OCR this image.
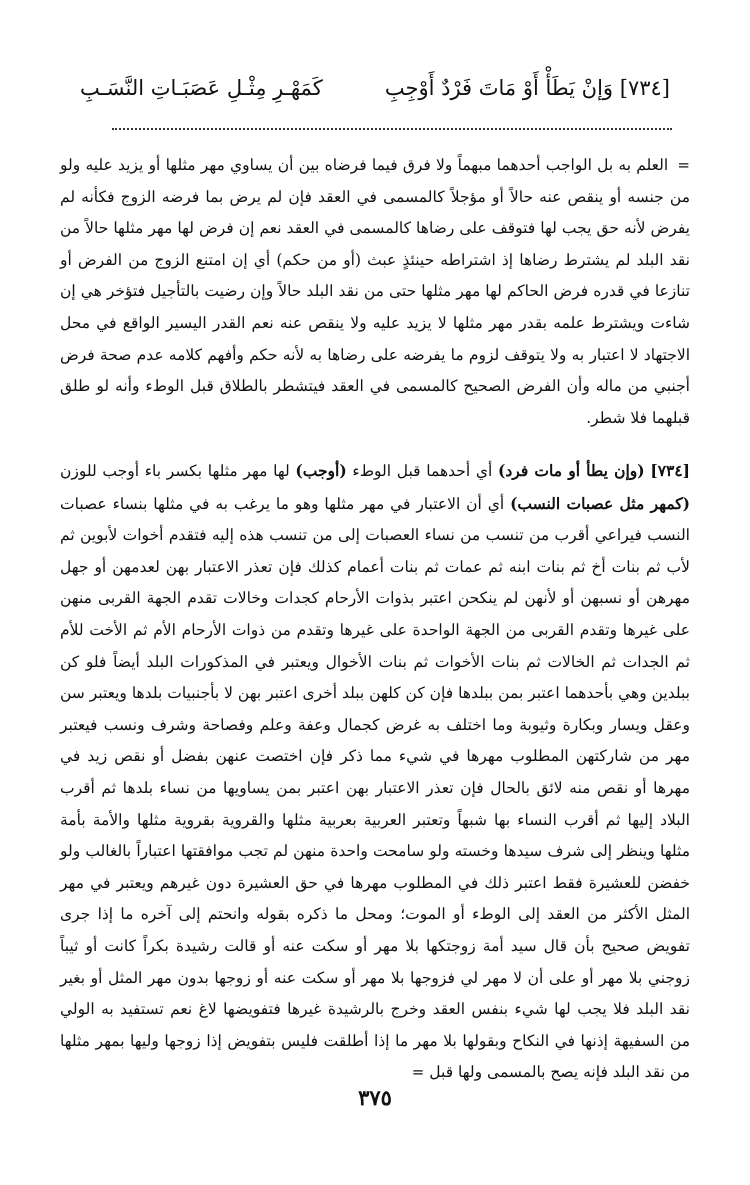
[٧٣٤] وَإنْ يَطَأْ أَوْ مَاتَ فَرْدٌ أَوْجِبِ
كَمَهْـرِ مِثْـلِ عَصَبَـاتِ النَّسَـبِ
= العلم به بل الواجب أحدهما مبهماً ولا فرق فيما فرضاه بين أن يساوي مهر مثلها أو يزيد عليه ولو من جنسه أو ينقص عنه حالاً أو مؤجلاً كالمسمى في العقد فإن لم يرض بما فرضه الزوج فكأنه لم يفرض لأنه حق يجب لها فتوقف على رضاها كالمسمى في العقد نعم إن فرض لها مهر مثلها حالاً من نقد البلد لم يشترط رضاها إذ اشتراطه حينئذٍ عبث (أو من حكم) أي إن امتنع الزوج من الفرض أو تنازعا في قدره فرض الحاكم لها مهر مثلها حتى من نقد البلد حالاً وإن رضيت بالتأجيل فتؤخر هي إن شاءت ويشترط علمه بقدر مهر مثلها لا يزيد عليه ولا ينقص عنه نعم القدر اليسير الواقع في محل الاجتهاد لا اعتبار به ولا يتوقف لزوم ما يفرضه على رضاها به لأنه حكم وأفهم كلامه عدم صحة فرض أجنبي من ماله وأن الفرض الصحيح كالمسمى في العقد فيتشطر بالطلاق قبل الوطء وأنه لو طلق قبلهما فلا شطر.
[٧٣٤] (وإن يطأ أو مات فرد) أي أحدهما قبل الوطء (أوجب) لها مهر مثلها بكسر باء أوجب للوزن (كمهر مثل عصبات النسب) أي أن الاعتبار في مهر مثلها وهو ما يرغب به في مثلها بنساء عصبات النسب فيراعي أقرب من تنسب من نساء العصبات إلى من تنسب هذه إليه فتقدم أخوات لأبوين ثم لأب ثم بنات أخ ثم بنات ابنه ثم عمات ثم بنات أعمام كذلك فإن تعذر الاعتبار بهن لعدمهن أو جهل مهرهن أو نسبهن أو لأنهن لم ينكحن اعتبر بذوات الأرحام كجدات وخالات تقدم الجهة القربى منهن على غيرها وتقدم القربى من الجهة الواحدة على غيرها وتقدم من ذوات الأرحام الأم ثم الأخت للأم ثم الجدات ثم الخالات ثم بنات الأخوات ثم بنات الأخوال ويعتبر في المذكورات البلد أيضاً فلو كن ببلدين وهي بأحدهما اعتبر بمن ببلدها فإن كن كلهن ببلد أخرى اعتبر بهن لا بأجنبيات بلدها ويعتبر سن وعقل ويسار وبكارة وثيوبة وما اختلف به غرض كجمال وعفة وعلم وفصاحة وشرف ونسب فيعتبر مهر من شاركتهن المطلوب مهرها في شيء مما ذكر فإن اختصت عنهن بفضل أو نقص زيد في مهرها أو نقص منه لائق بالحال فإن تعذر الاعتبار بهن اعتبر بمن يساويها من نساء بلدها ثم أقرب البلاد إليها ثم أقرب النساء بها شبهاً وتعتبر العربية بعربية مثلها والقروية بقروية مثلها والأمة بأمة مثلها وينظر إلى شرف سيدها وخسته ولو سامحت واحدة منهن لم تجب موافقتها اعتباراً بالغالب ولو خفضن للعشيرة فقط اعتبر ذلك في المطلوب مهرها في حق العشيرة دون غيرهم ويعتبر في مهر المثل الأكثر من العقد إلى الوطء أو الموت؛ ومحل ما ذكره بقوله وانحتم إلى آخره ما إذا جرى تفويض صحيح بأن قال سيد أمة زوجتكها بلا مهر أو سكت عنه أو قالت رشيدة بكراً كانت أو ثيباً زوجني بلا مهر أو على أن لا مهر لي فزوجها بلا مهر أو سكت عنه أو زوجها بدون مهر المثل أو بغير نقد البلد فلا يجب لها شيء بنفس العقد وخرج بالرشيدة غيرها فتفويضها لاغ نعم تستفيد به الولي من السفيهة إذنها في النكاح وبقولها بلا مهر ما إذا أطلقت فليس بتفويض إذا زوجها وليها بمهر مثلها من نقد البلد فإنه يصح بالمسمى ولها قبل =
٣٧٥
